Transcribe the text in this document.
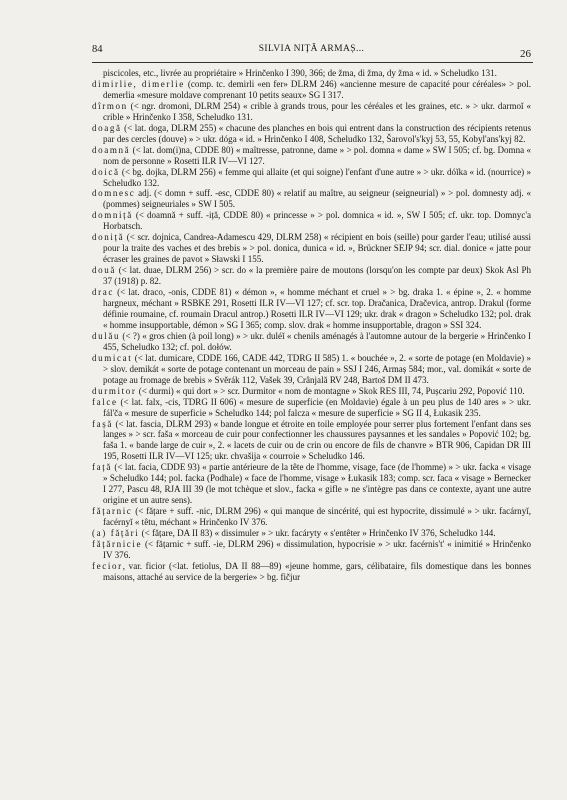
84	SILVIA NIȚĂ ARMAȘ...	26

piscicoles, etc., livrée au propriétaire » Hrinčenko I 390, 366; de žma, di žma, dy žma « id. » Scheludko 131.

dimirlie, dimerlie (comp. tc. demirli «en fer» DLRM 246) «ancienne mesure de capacité pour céréales» > pol. demerlia «mesure moldave comprenant 10 petits seaux» SG I 317.

dîrmon (< ngr. dromoni, DLRM 254) « crible à grands trous, pour les céréales et les graines, etc. » > ukr. darmoĭ « crible » Hrinčenko I 358, Scheludko 131.

doagă (< lat. doga, DLRM 255) « chacune des planches en bois qui entrent dans la construction des récipients retenus par des cercles (douve) » > ukr. dóga « id. » Hrinčenko I 408, Scheludko 132, Šarovol's'kyj 53, 55, Kobyl'ans'kyj 82.

doamnă (< lat. dom(i)na, CDDE 80) « maîtresse, patronne, dame » > pol. domna « dame » SW I 505; cf. bg. Domna « nom de personne » Rosetti ILR IV—VI 127.

doică (< bg. dojka, DLRM 256) « femme qui allaite (et qui soigne) l'enfant d'une autre » > ukr. dóĭka « id. (nourrice) » Scheludko 132.

domnesc adj. (< domn + suff. -esc, CDDE 80) « relatif au maître, au seigneur (seigneurial) » > pol. domnesty adj. « (pommes) seigneuriales » SW I 505.

domniță (< doamnă + suff. -iță, CDDE 80) « princesse » > pol. domnica « id. », SW I 505; cf. ukr. top. Domnyc'a Horbatsch.

doniță (< scr. dojnica, Candrea-Adamescu 429, DLRM 258) « récipient en bois (seille) pour garder l'eau; utilisé aussi pour la traite des vaches et des brebis » > pol. donica, dunica « id. », Brückner SEJP 94; scr. dial. donice « jatte pour écraser les graines de pavot » Sławski I 155.

două (< lat. duae, DLRM 256) > scr. do « la première paire de moutons (lorsqu'on les compte par deux) Skok Asl Ph 37 (1918) p. 82.

drac (< lat. draco, -onis, CDDE 81) « démon », « homme méchant et cruel » > bg. draka 1. « épine », 2. « homme hargneux, méchant » RSBKE 291, Rosetti ILR IV—VI 127; cf. scr. top. Dračanica, Dračevica, antrop. Drakul (forme définie roumaine, cf. roumain Dracul antrop.) Rosetti ILR IV—VI 129; ukr. drak « dragon » Scheludko 132; pol. drak « homme insupportable, démon » SG I 365; comp. slov. drak « homme insupportable, dragon » SSI 324.

dulău (< ?) « gros chien (à poil long) » > ukr. duléĭ « chenils aménagés à l'automne autour de la bergerie » Hrinčenko I 455, Scheludko 132; cf. pol. dołów.

dumicat (< lat. dumicare, CDDE 166, CADE 442, TDRG II 585) 1. « bouchée », 2. « sorte de potage (en Moldavie) » > slov. demikát « sorte de potage contenant un morceau de pain » SSJ I 246, Armaș 584; mor., val. domikát « sorte de potage au fromage de brebis » Svěrák 112, Vašek 39, Crânjală RV 248, Bartoš DM II 473.

durmitor (< durmi) « qui dort » > scr. Durmitor « nom de montagne » Skok RES III, 74, Pușcariu 292, Popović 110.

falce (< lat. falx, -cis, TDRG II 606) « mesure de superficie (en Moldavie) égale à un peu plus de 140 ares » > ukr. fál'ča « mesure de superficie » Scheludko 144; pol falcza « mesure de superficie » SG II 4, Łukasik 235.

fașă (< lat. fascia, DLRM 293) « bande longue et étroite en toile employée pour serrer plus fortement l'enfant dans ses langes » > scr. faša « morceau de cuir pour confectionner les chaussures paysannes et les sandales » Popović 102; bg. faša 1. « bande large de cuir », 2. « lacets de cuir ou de crin ou encore de fils de chanvre » BTR 906, Capidan DR III 195, Rosetti ILR IV—VI 125; ukr. chvašija « courroie » Scheludko 146.

față (< lat. facia, CDDE 93) « partie antérieure de la tête de l'homme, visage, face (de l'homme) » > ukr. facka « visage » Scheludko 144; pol. facka (Podhale) « face de l'homme, visage » Łukasik 183; comp. scr. faca « visage » Bernecker I 277, Pascu 48, RJA III 39 (le mot tchèque et slov., facka « gifle » ne s'intègre pas dans ce contexte, ayant une autre origine et un autre sens).

fățarnic (< fățare + suff. -nic, DLRM 296) « qui manque de sincérité, qui est hypocrite, dissimulé » > ukr. facárnyĭ, facérnyĭ « têtu, méchant » Hrinčenko IV 376.

(a) fățări (< fățare, DA II 83) « dissimuler » > ukr. facáryty « s'entêter » Hrinčenko IV 376, Scheludko 144.

fățărnicie (< fățarnic + suff. -ie, DLRM 296) « dissimulation, hypocrisie » > ukr. facérnis't' « inimitié » Hrinčenko IV 376.

fecior, var. ficior (<lat. fetiolus, DA II 88—89) «jeune homme, gars, célibataire, fils domestique dans les bonnes maisons, attaché au service de la bergerie» > bg. fičjur
